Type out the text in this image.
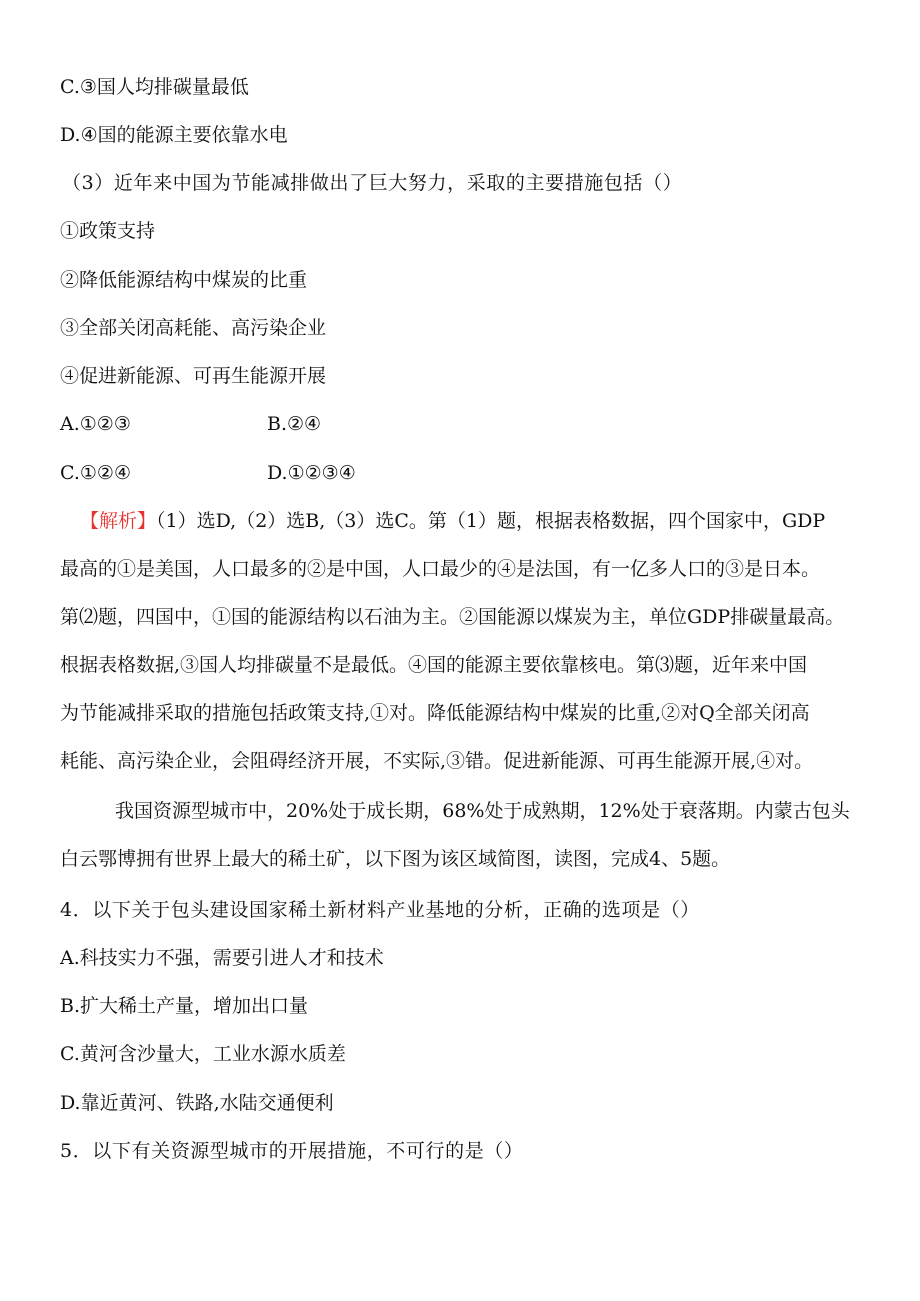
C.③国人均排碳量最低
D.④国的能源主要依靠水电
（3）近年来中国为节能减排做出了巨大努力，采取的主要措施包括（）
①政策支持
②降低能源结构中煤炭的比重
③全部关闭高耗能、高污染企业
④促进新能源、可再生能源开展
A.①②③	B.②④
C.①②④	D.①②③④
【解析】（1）选D,（2）选B,（3）选C。第（1）题，根据表格数据，四个国家中，GDP
最高的①是美国，人口最多的②是中国，人口最少的④是法国，有一亿多人口的③是日本。
第⑵题，四国中，①国的能源结构以石油为主。②国能源以煤炭为主，单位GDP排碳量最高。
根据表格数据,③国人均排碳量不是最低。④国的能源主要依靠核电。第⑶题，近年来中国
为节能减排采取的措施包括政策支持,①对。降低能源结构中煤炭的比重,②对Q全部关闭高
耗能、高污染企业，会阻碍经济开展，不实际,③错。促进新能源、可再生能源开展,④对。
我国资源型城市中，20%处于成长期，68%处于成熟期，12%处于衰落期。内蒙古包头
白云鄂博拥有世界上最大的稀土矿，以下图为该区域简图，读图，完成4、5题。
4．以下关于包头建设国家稀土新材料产业基地的分析，正确的选项是（）
A.科技实力不强，需要引进人才和技术
B.扩大稀土产量，增加出口量
C.黄河含沙量大，工业水源水质差
D.靠近黄河、铁路,水陆交通便利
5．以下有关资源型城市的开展措施，不可行的是（）
